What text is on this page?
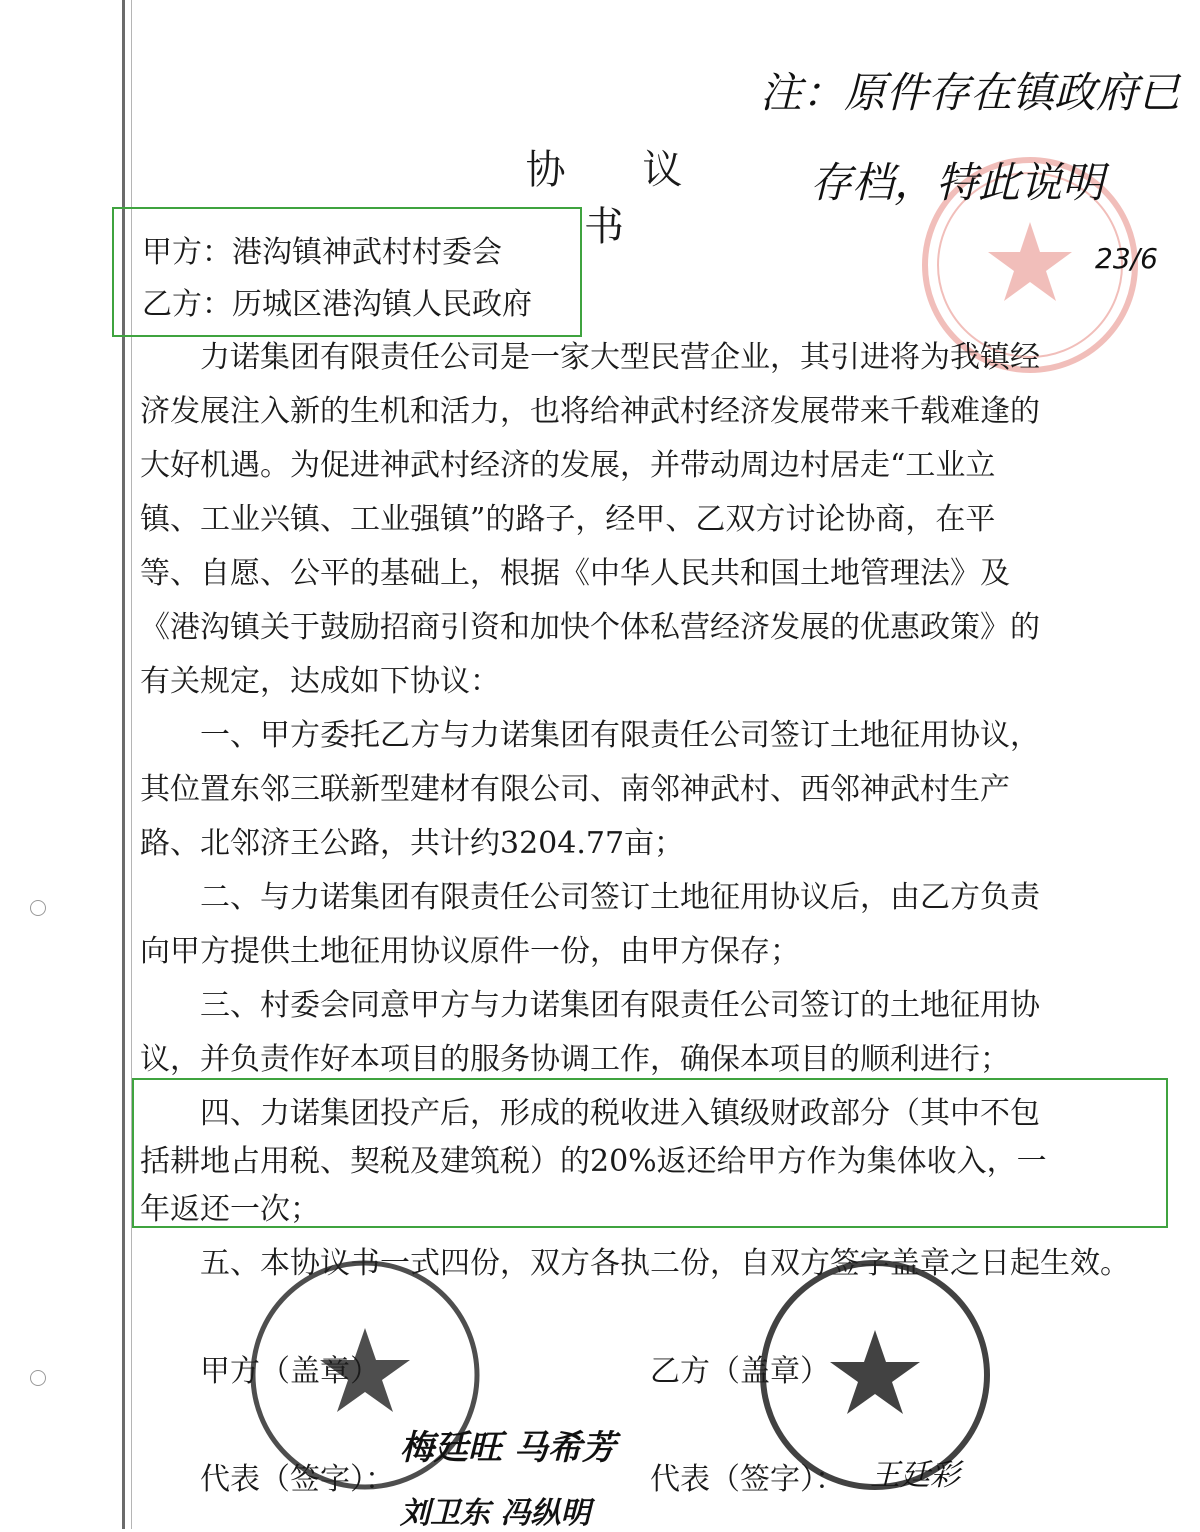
协 议 书
甲方：港沟镇神武村村委会
乙方：历城区港沟镇人民政府
力诺集团有限责任公司是一家大型民营企业，其引进将为我镇经
济发展注入新的生机和活力，也将给神武村经济发展带来千载难逢的
大好机遇。为促进神武村经济的发展，并带动周边村居走“工业立
镇、工业兴镇、工业强镇”的路子，经甲、乙双方讨论协商，在平
等、自愿、公平的基础上，根据《中华人民共和国土地管理法》及
《港沟镇关于鼓励招商引资和加快个体私营经济发展的优惠政策》的
有关规定，达成如下协议：
一、甲方委托乙方与力诺集团有限责任公司签订土地征用协议，
其位置东邻三联新型建材有限公司、南邻神武村、西邻神武村生产
路、北邻济王公路，共计约3204.77亩；
二、与力诺集团有限责任公司签订土地征用协议后，由乙方负责
向甲方提供土地征用协议原件一份，由甲方保存；
三、村委会同意甲方与力诺集团有限责任公司签订的土地征用协
议，并负责作好本项目的服务协调工作，确保本项目的顺利进行；
四、力诺集团投产后，形成的税收进入镇级财政部分（其中不包
括耕地占用税、契税及建筑税）的20%返还给甲方作为集体收入，一
年返还一次；
五、本协议书一式四份，双方各执二份，自双方签字盖章之日起生效。
甲方（盖章）	乙方（盖章）
代表（签字）：	代表（签字）：
梅廷旺 马希芳
刘卫东 冯纵明
王廷彩
注：原件存在镇政府已
存档，特此说明
23/6
